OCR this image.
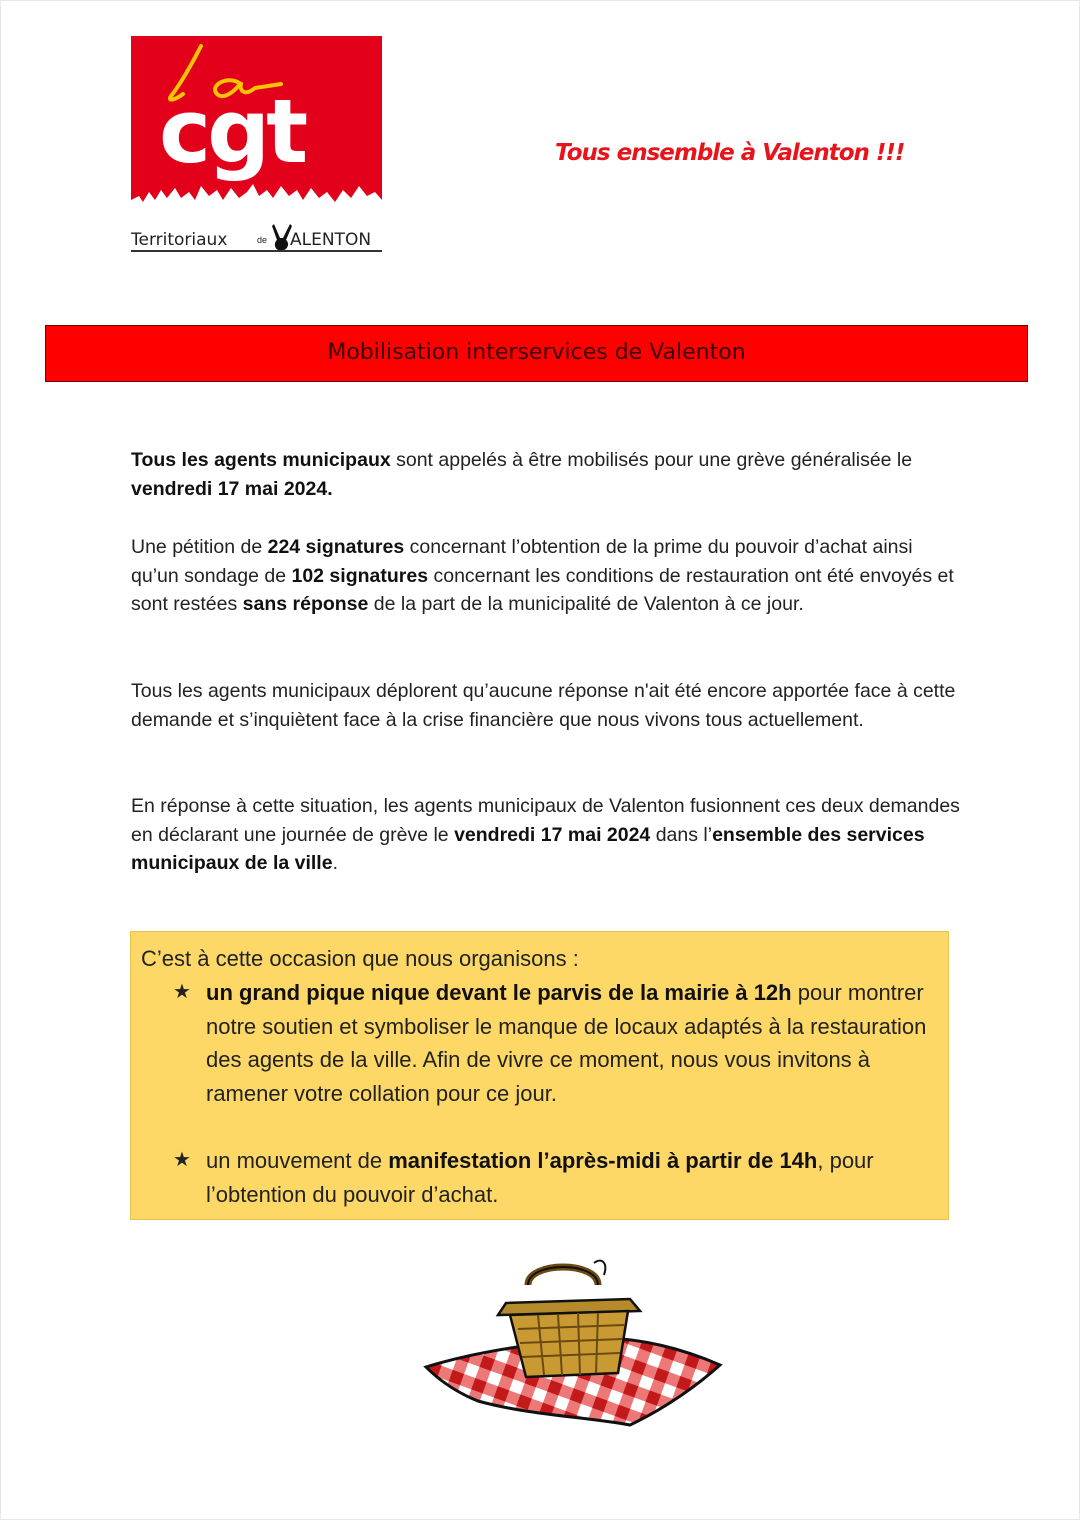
cgt
Territoriaux	de ALENTON
Tous ensemble à Valenton !!!
Mobilisation interservices de Valenton
Tous les agents municipaux sont appelés à être mobilisés pour une grève généralisée le vendredi 17 mai 2024.
Une pétition de 224 signatures concernant l’obtention de la prime du pouvoir d’achat ainsi qu’un sondage de 102 signatures concernant les conditions de restauration ont été envoyés et sont restées sans réponse de la part de la municipalité de Valenton à ce jour.
Tous les agents municipaux déplorent qu’aucune réponse n'ait été encore apportée face à cette demande et s’inquiètent face à la crise financière que nous vivons tous actuellement.
En réponse à cette situation, les agents municipaux de Valenton fusionnent ces deux demandes en déclarant une journée de grève le vendredi 17 mai 2024 dans l’ensemble des services municipaux de la ville.
C’est à cette occasion que nous organisons :
★ un grand pique nique devant le parvis de la mairie à 12h pour montrer notre soutien et symboliser le manque de locaux adaptés à la restauration des agents de la ville. Afin de vivre ce moment, nous vous invitons à ramener votre collation pour ce jour.
★ un mouvement de manifestation l’après-midi à partir de 14h, pour l’obtention du pouvoir d’achat.
